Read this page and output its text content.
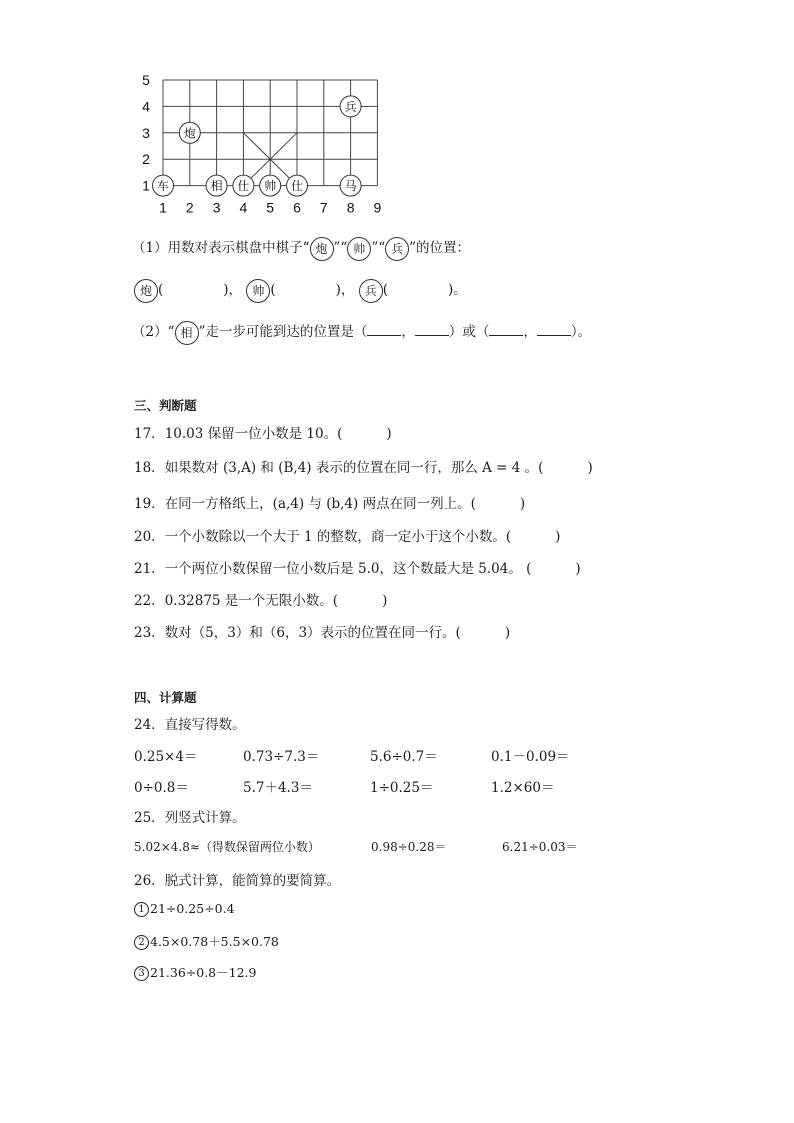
5
4
3
2
1
1 2 3 4 5 6 7 8 9
车	相 仕 帅 仕	马
炮
兵
（1）用数对表示棋盘中棋子“ 炮 ”“ 帅 ”“ 兵 ”的位置：
炮 (	)， 帅 (	)， 兵 (	)。
（2）“ 相 ”走一步可能到达的位置是（	，	）或（	，	）。
三、判断题
17．10.03 保留一位小数是 10。(	)
18．如果数对 (3,A) 和 (B,4) 表示的位置在同一行，那么 A = 4 。(	)
19．在同一方格纸上，(a,4) 与 (b,4) 两点在同一列上。(	)
20．一个小数除以一个大于 1 的整数，商一定小于这个小数。(	)
21．一个两位小数保留一位小数后是 5.0，这个数最大是 5.04。 (	)
22．0.32875 是一个无限小数。(	)
23．数对（5，3）和（6，3）表示的位置在同一行。(	)
四、计算题
24．直接写得数。
0.25×4＝	0.73÷7.3＝	5.6÷0.7＝	0.1－0.09＝
0÷0.8＝	5.7＋4.3＝	1÷0.25＝	1.2×60＝
25．列竖式计算。
5.02×4.8≈（得数保留两位小数）	0.98÷0.28＝	6.21÷0.03＝
26．脱式计算，能简算的要简算。
1 21÷0.25÷0.4
2 4.5×0.78＋5.5×0.78
3 21.36÷0.8－12.9
